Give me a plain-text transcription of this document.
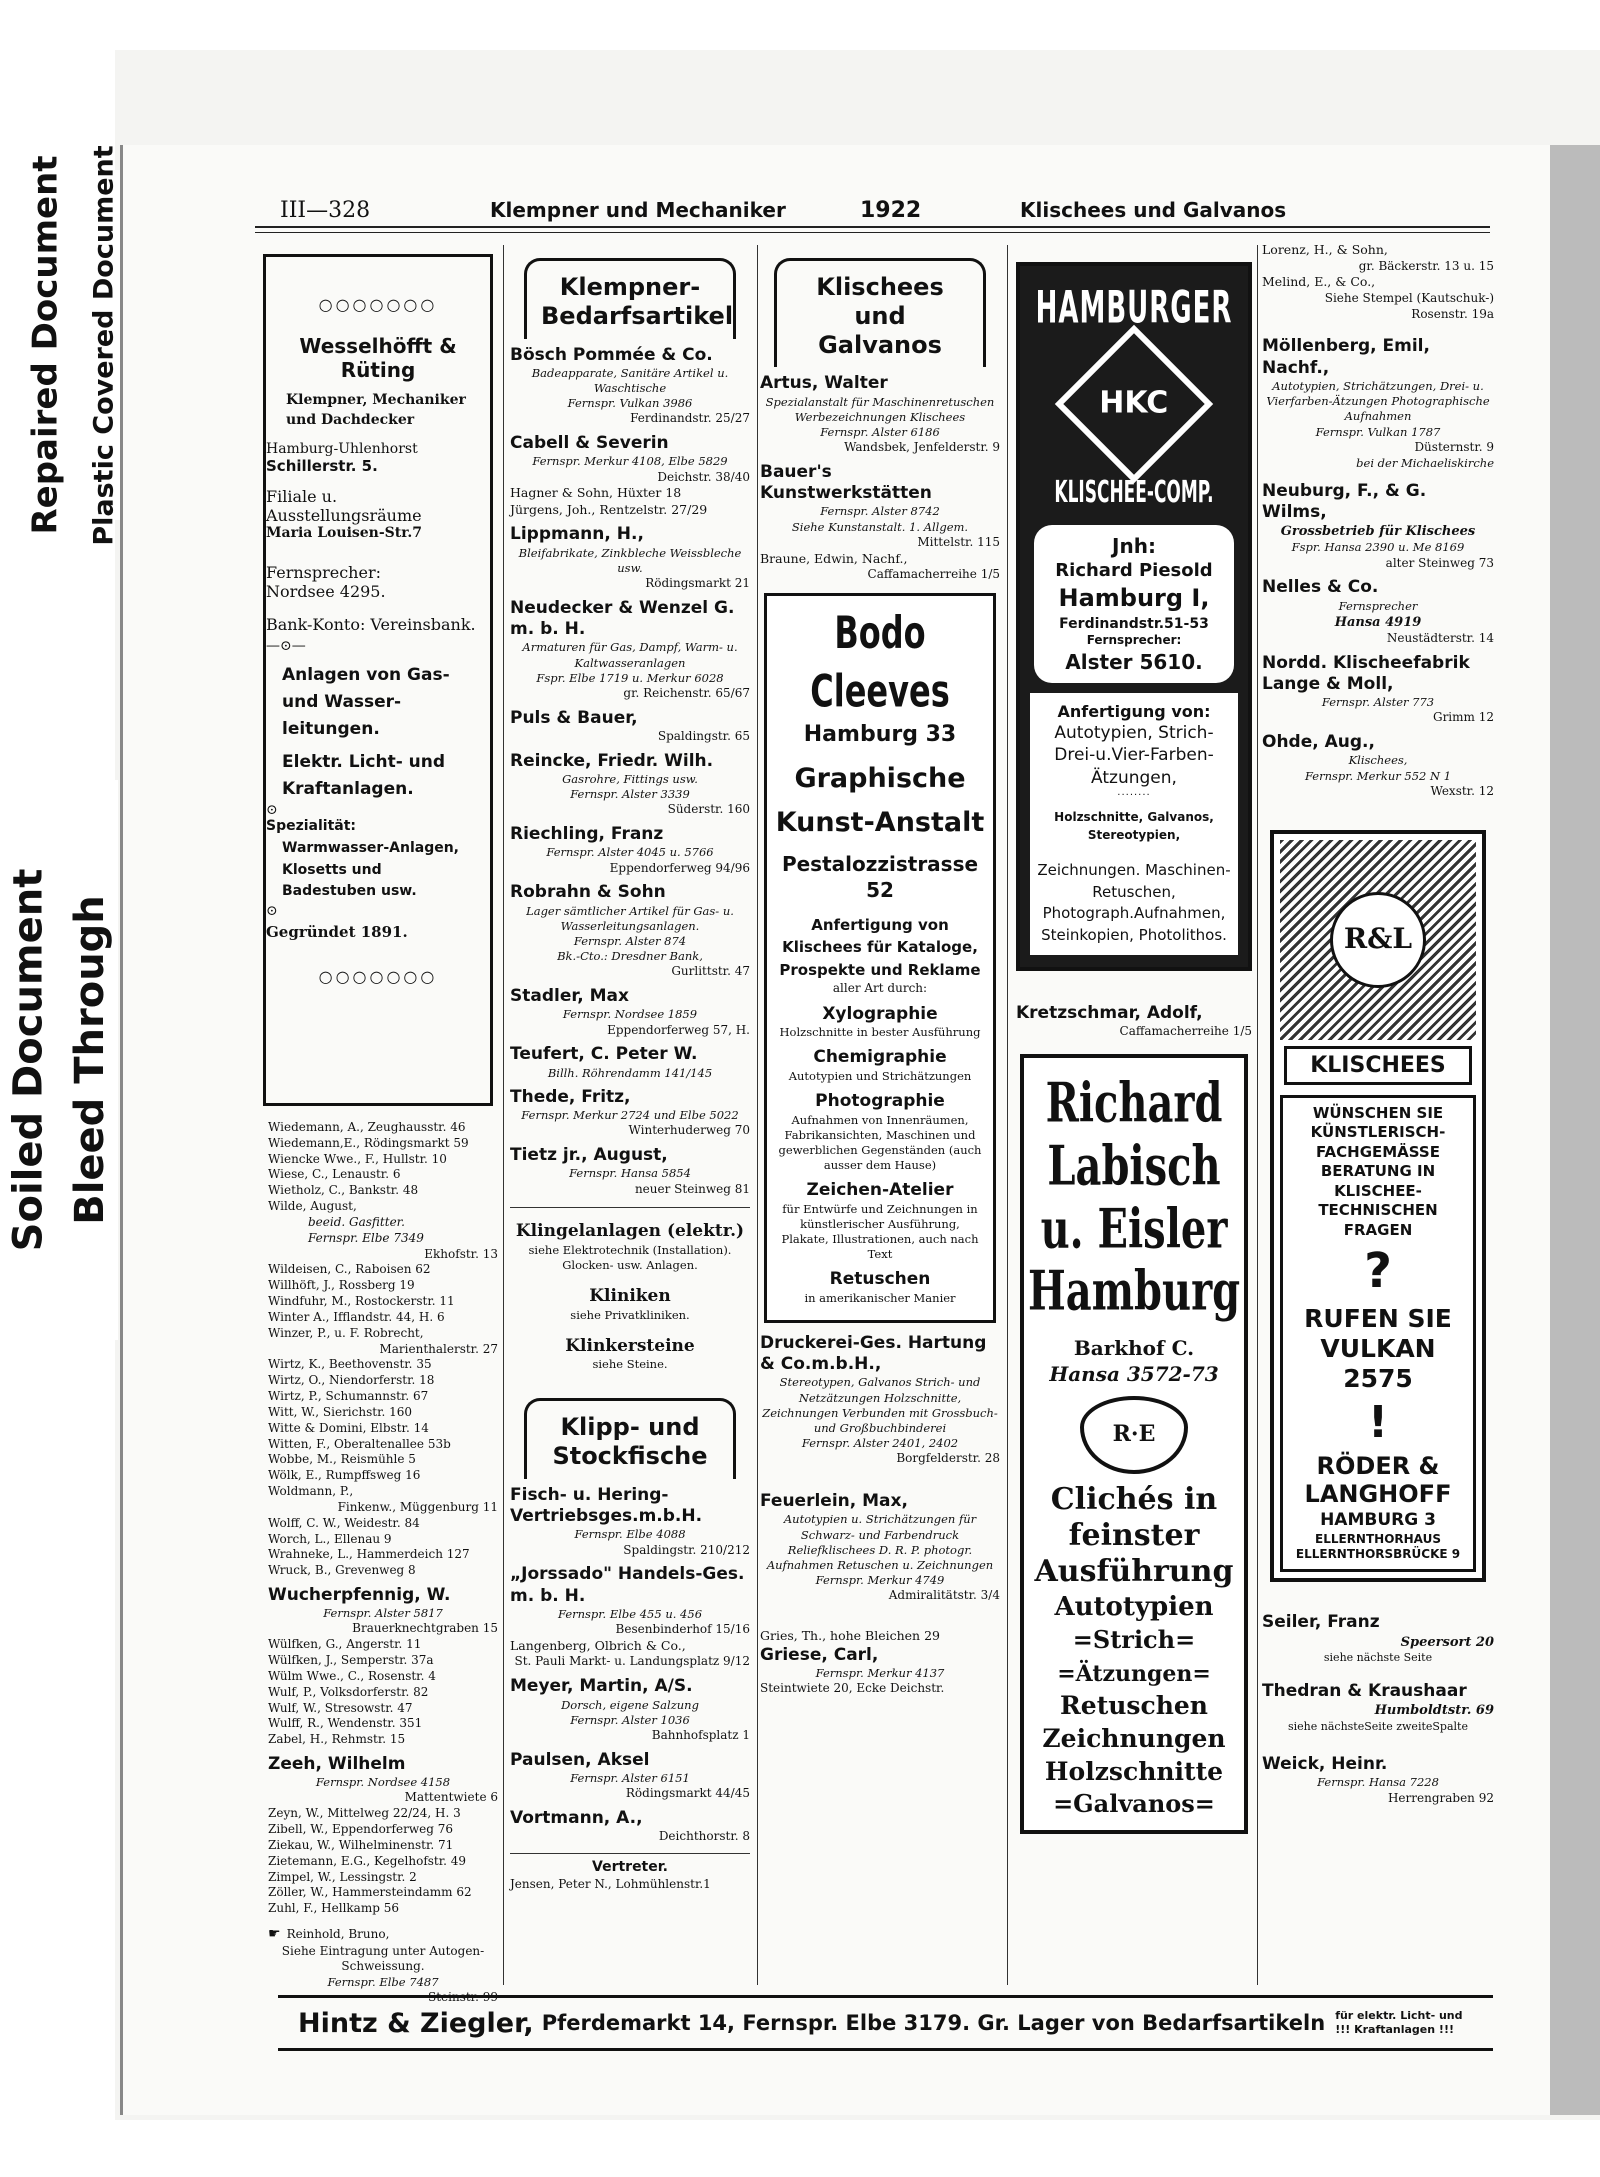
Repaired Document Plastic Covered Document
Soiled Document Bleed Through
III—328	Klempner und Mechaniker	1922	Klischees und Galvanos
○○○○○○○
Wesselhöfft & Rüting
Klempner, Mechaniker und Dachdecker
Hamburg-Uhlenhorst
Schillerstr. 5.
Filiale u. Ausstellungsräume
Maria Louisen-Str.7
Fernsprecher:
Nordsee 4295.
Bank-Konto: Vereinsbank.
—⊙—
Anlagen von Gas- und Wasser-leitungen.
Elektr. Licht- und Kraftanlagen.
⊙
Spezialität:
Warmwasser-Anlagen, Klosetts und Badestuben usw.
⊙
Gegründet 1891.
○○○○○○○
Wiedemann, A., Zeughausstr. 46
Wiedemann,E., Rödingsmarkt 59
Wiencke Wwe., F., Hullstr. 10
Wiese, C., Lenaustr. 6
Wietholz, C., Bankstr. 48
Wilde, August,
beeid. Gasfitter.
Fernspr. Elbe 7349
Ekhofstr. 13
Wildeisen, C., Raboisen 62
Willhöft, J., Rossberg 19
Windfuhr, M., Rostockerstr. 11
Winter A., Ifflandstr. 44, H. 6
Winzer, P., u. F. Robrecht,
Marienthalerstr. 27
Wirtz, K., Beethovenstr. 35
Wirtz, O., Niendorferstr. 18
Wirtz, P., Schumannstr. 67
Witt, W., Sierichstr. 160
Witte & Domini, Elbstr. 14
Witten, F., Oberaltenallee 53b
Wobbe, M., Reismühle 5
Wölk, E., Rumpffsweg 16
Woldmann, P.,
Finkenw., Müggenburg 11
Wolff, C. W., Weidestr. 84
Worch, L., Ellenau 9
Wrahneke, L., Hammerdeich 127
Wruck, B., Grevenweg 8
Wucherpfennig, W.
Fernspr. Alster 5817
Brauerknechtgraben 15
Wülfken, G., Angerstr. 11
Wülfken, J., Semperstr. 37a
Wülm Wwe., C., Rosenstr. 4
Wulf, P., Volksdorferstr. 82
Wulf, W., Stresowstr. 47
Wulff, R., Wendenstr. 351
Zabel, H., Rehmstr. 15
Zeeh, Wilhelm
Fernspr. Nordsee 4158
Mattentwiete 6
Zeyn, W., Mittelweg 22/24, H. 3
Zibell, W., Eppendorferweg 76
Ziekau, W., Wilhelminenstr. 71
Zietemann, E.G., Kegelhofstr. 49
Zimpel, W., Lessingstr. 2
Zöller, W., Hammersteindamm 62
Zuhl, F., Hellkamp 56
☛ Reinhold, Bruno,
Siehe Eintragung unter Autogen-Schweissung.
Fernspr. Elbe 7487
Steinstr. 99
Klempner-Bedarfsartikel
Bösch Pommée & Co.
Badeapparate, Sanitäre Artikel u. Waschtische
Fernspr. Vulkan 3986
Ferdinandstr. 25/27
Cabell & Severin
Fernspr. Merkur 4108, Elbe 5829
Deichstr. 38/40
Hagner & Sohn, Hüxter 18
Jürgens, Joh., Rentzelstr. 27/29
Lippmann, H.,
Bleifabrikate, Zinkbleche Weissbleche usw.
Rödingsmarkt 21
Neudecker & Wenzel G. m. b. H.
Armaturen für Gas, Dampf, Warm- u. Kaltwasseranlagen
Fspr. Elbe 1719 u. Merkur 6028
gr. Reichenstr. 65/67
Puls & Bauer,
Spaldingstr. 65
Reincke, Friedr. Wilh.
Gasrohre, Fittings usw.
Fernspr. Alster 3339
Süderstr. 160
Riechling, Franz
Fernspr. Alster 4045 u. 5766
Eppendorferweg 94/96
Robrahn & Sohn
Lager sämtlicher Artikel für Gas- u. Wasserleitungsanlagen.
Fernspr. Alster 874
Bk.-Cto.: Dresdner Bank,
Gurlittstr. 47
Stadler, Max
Fernspr. Nordsee 1859
Eppendorferweg 57, H.
Teufert, C. Peter W.
Billh. Röhrendamm 141/145
Thede, Fritz,
Fernspr. Merkur 2724 und Elbe 5022
Winterhuderweg 70
Tietz jr., August,
Fernspr. Hansa 5854
neuer Steinweg 81
Klingelanlagen (elektr.)
siehe Elektrotechnik (Installation). Glocken- usw. Anlagen.
Kliniken
siehe Privatkliniken.
Klinkersteine
siehe Steine.
Klipp- und Stockfische
Fisch- u. Hering-Vertriebsges.m.b.H.
Fernspr. Elbe 4088
Spaldingstr. 210/212
„Jorssado" Handels-Ges. m. b. H.
Fernspr. Elbe 455 u. 456
Besenbinderhof 15/16
Langenberg, Olbrich & Co.,
St. Pauli Markt- u. Landungsplatz 9/12
Meyer, Martin, A/S.
Dorsch, eigene Salzung
Fernspr. Alster 1036
Bahnhofsplatz 1
Paulsen, Aksel
Fernspr. Alster 6151
Rödingsmarkt 44/45
Vortmann, A.,
Deichthorstr. 8
Vertreter.
Jensen, Peter N., Lohmühlenstr.1
Klischees und Galvanos
Artus, Walter
Spezialanstalt für Maschinenretuschen Werbezeichnungen Klischees
Fernspr. Alster 6186
Wandsbek, Jenfelderstr. 9
Bauer's Kunstwerkstätten
Fernspr. Alster 8742
Siehe Kunstanstalt. 1. Allgem.
Mittelstr. 115
Braune, Edwin, Nachf.,
Caffamacherreihe 1/5
Bodo Cleeves
Hamburg 33
Graphische
Kunst-Anstalt
Pestalozzistrasse 52
Anfertigung von Klischees für Kataloge, Prospekte und Reklame
aller Art durch:
Xylographie
Holzschnitte in bester Ausführung
Chemigraphie
Autotypien und Strichätzungen
Photographie
Aufnahmen von Innenräumen, Fabrikansichten, Maschinen und gewerblichen Gegenständen (auch ausser dem Hause)
Zeichen-Atelier
für Entwürfe und Zeichnungen in künstlerischer Ausführung, Plakate, Illustrationen, auch nach Text
Retuschen
in amerikanischer Manier
Druckerei-Ges. Hartung & Co.m.b.H.,
Stereotypen, Galvanos Strich- und Netzätzungen Holzschnitte, Zeichnungen Verbunden mit Grossbuch- und Großbuchbinderei
Fernspr. Alster 2401, 2402
Borgfelderstr. 28
Feuerlein, Max,
Autotypien u. Strichätzungen für Schwarz- und Farbendruck Reliefklischees D. R. P. photogr. Aufnahmen Retuschen u. Zeichnungen
Fernspr. Merkur 4749
Admiralitätstr. 3/4
Gries, Th., hohe Bleichen 29
Griese, Carl,
Fernspr. Merkur 4137
Steintwiete 20, Ecke Deichstr.
HAMBURGER
HKC
KLISCHEE-COMP.
Jnh:
Richard Piesold
Hamburg I,
Ferdinandstr.51-53
Fernsprecher:
Alster 5610.
Anfertigung von:
Autotypien, Strich-Drei-u.Vier-Farben-Ätzungen,
········
Holzschnitte, Galvanos, Stereotypien,
Zeichnungen. Maschinen-Retuschen, Photograph.Aufnahmen, Steinkopien, Photolithos.
Kretzschmar, Adolf,
Caffamacherreihe 1/5
Richard
Labisch
u. Eisler
Hamburg
Barkhof C.
Hansa 3572-73
R·E
Clichés in feinster Ausführung
Autotypien
=Strich=
=Ätzungen=
Retuschen
Zeichnungen
Holzschnitte
=Galvanos=
Lorenz, H., & Sohn,
gr. Bäckerstr. 13 u. 15
Melind, E., & Co.,
Siehe Stempel (Kautschuk-)
Rosenstr. 19a
Möllenberg, Emil, Nachf.,
Autotypien, Strichätzungen, Drei- u. Vierfarben-Ätzungen Photographische Aufnahmen
Fernspr. Vulkan 1787
Düsternstr. 9
bei der Michaeliskirche
Neuburg, F., & G. Wilms,
Grossbetrieb für Klischees
Fspr. Hansa 2390 u. Me 8169
alter Steinweg 73
Nelles & Co.
Fernsprecher
Hansa 4919
Neustädterstr. 14
Nordd. Klischeefabrik Lange & Moll,
Fernspr. Alster 773
Grimm 12
Ohde, Aug.,
Klischees,
Fernspr. Merkur 552 N 1
Wexstr. 12
R&L
KLISCHEES
WÜNSCHEN SIE KÜNSTLERISCH-FACHGEMÄSSE BERATUNG IN KLISCHEE-TECHNISCHEN FRAGEN
?
RUFEN SIE VULKAN 2575
!
RÖDER & LANGHOFF
HAMBURG 3
ELLERNTHORHAUS ELLERNTHORSBRÜCKE 9
Seiler, Franz
Speersort 20
siehe nächste Seite
Thedran & Kraushaar
Humboldtstr. 69
siehe nächsteSeite zweiteSpalte
Weick, Heinr.
Fernspr. Hansa 7228
Herrengraben 92
Hintz & Ziegler, Pferdemarkt 14, Fernspr. Elbe 3179. Gr. Lager von Bedarfsartikeln für elektr. Licht- und
!!! Kraftanlagen !!!
